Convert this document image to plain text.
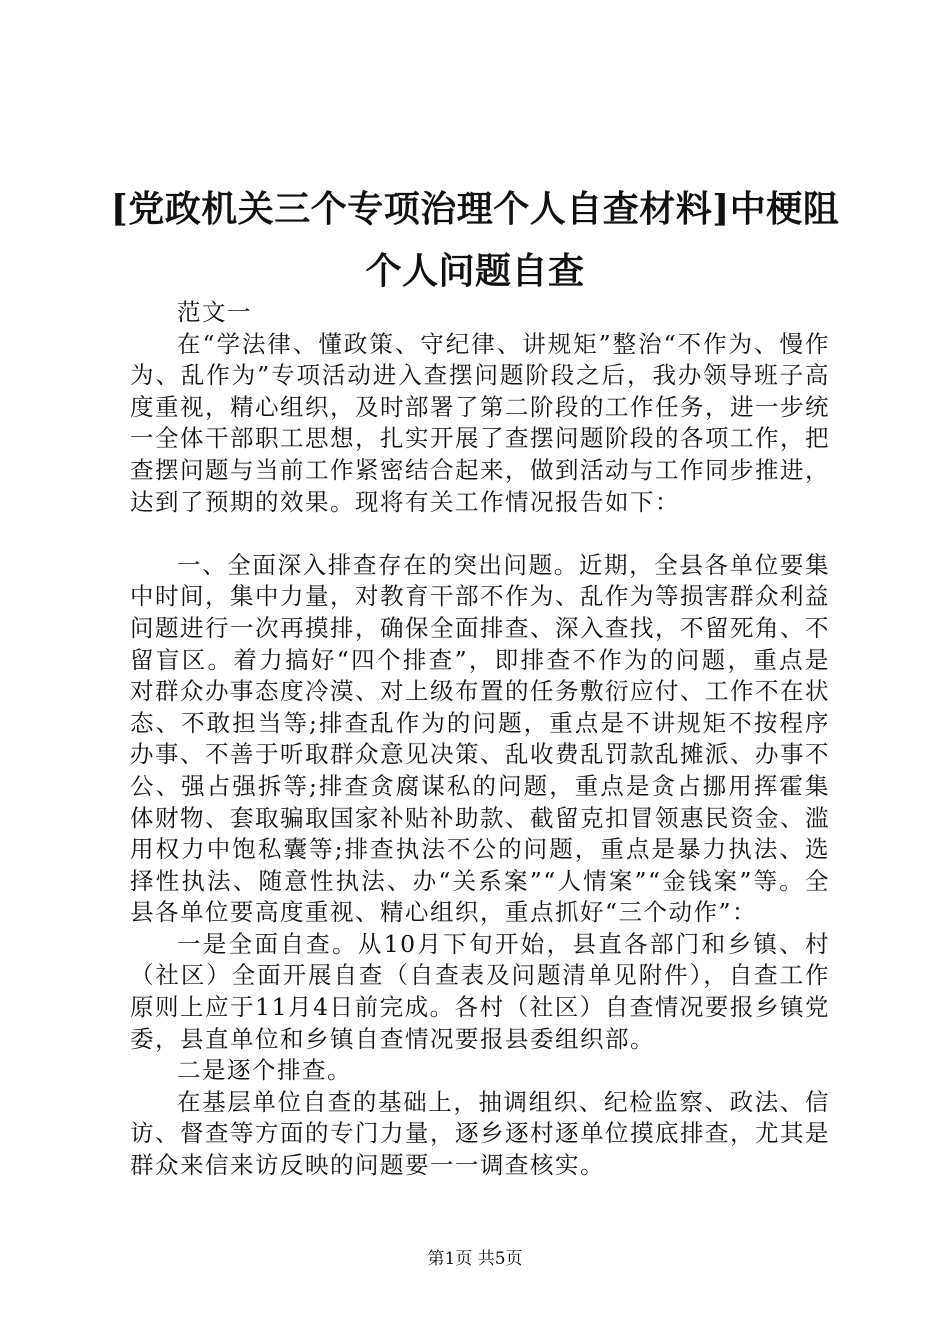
[党政机关三个专项治理个人自查材料]中梗阻
个人问题自查

范文一

在“学法律、懂政策、守纪律、讲规矩”整治“不作为、慢作为、乱作为”专项活动进入查摆问题阶段之后，我办领导班子高度重视，精心组织，及时部署了第二阶段的工作任务，进一步统一全体干部职工思想，扎实开展了查摆问题阶段的各项工作，把查摆问题与当前工作紧密结合起来，做到活动与工作同步推进，达到了预期的效果。现将有关工作情况报告如下：

一、全面深入排查存在的突出问题。近期，全县各单位要集中时间，集中力量，对教育干部不作为、乱作为等损害群众利益问题进行一次再摸排，确保全面排查、深入查找，不留死角、不留盲区。着力搞好“四个排查”，即排查不作为的问题，重点是对群众办事态度冷漠、对上级布置的任务敷衍应付、工作不在状态、不敢担当等;排查乱作为的问题，重点是不讲规矩不按程序办事、不善于听取群众意见决策、乱收费乱罚款乱摊派、办事不公、强占强拆等;排查贪腐谋私的问题，重点是贪占挪用挥霍集体财物、套取骗取国家补贴补助款、截留克扣冒领惠民资金、滥用权力中饱私囊等;排查执法不公的问题，重点是暴力执法、选择性执法、随意性执法、办“关系案”“人情案”“金钱案”等。全县各单位要高度重视、精心组织，重点抓好“三个动作”：

一是全面自查。从10月下旬开始，县直各部门和乡镇、村（社区）全面开展自查（自查表及问题清单见附件），自查工作原则上应于11月4日前完成。各村（社区）自查情况要报乡镇党委，县直单位和乡镇自查情况要报县委组织部。

二是逐个排查。

在基层单位自查的基础上，抽调组织、纪检监察、政法、信访、督查等方面的专门力量，逐乡逐村逐单位摸底排查，尤其是群众来信来访反映的问题要一一调查核实。

第1页 共5页
